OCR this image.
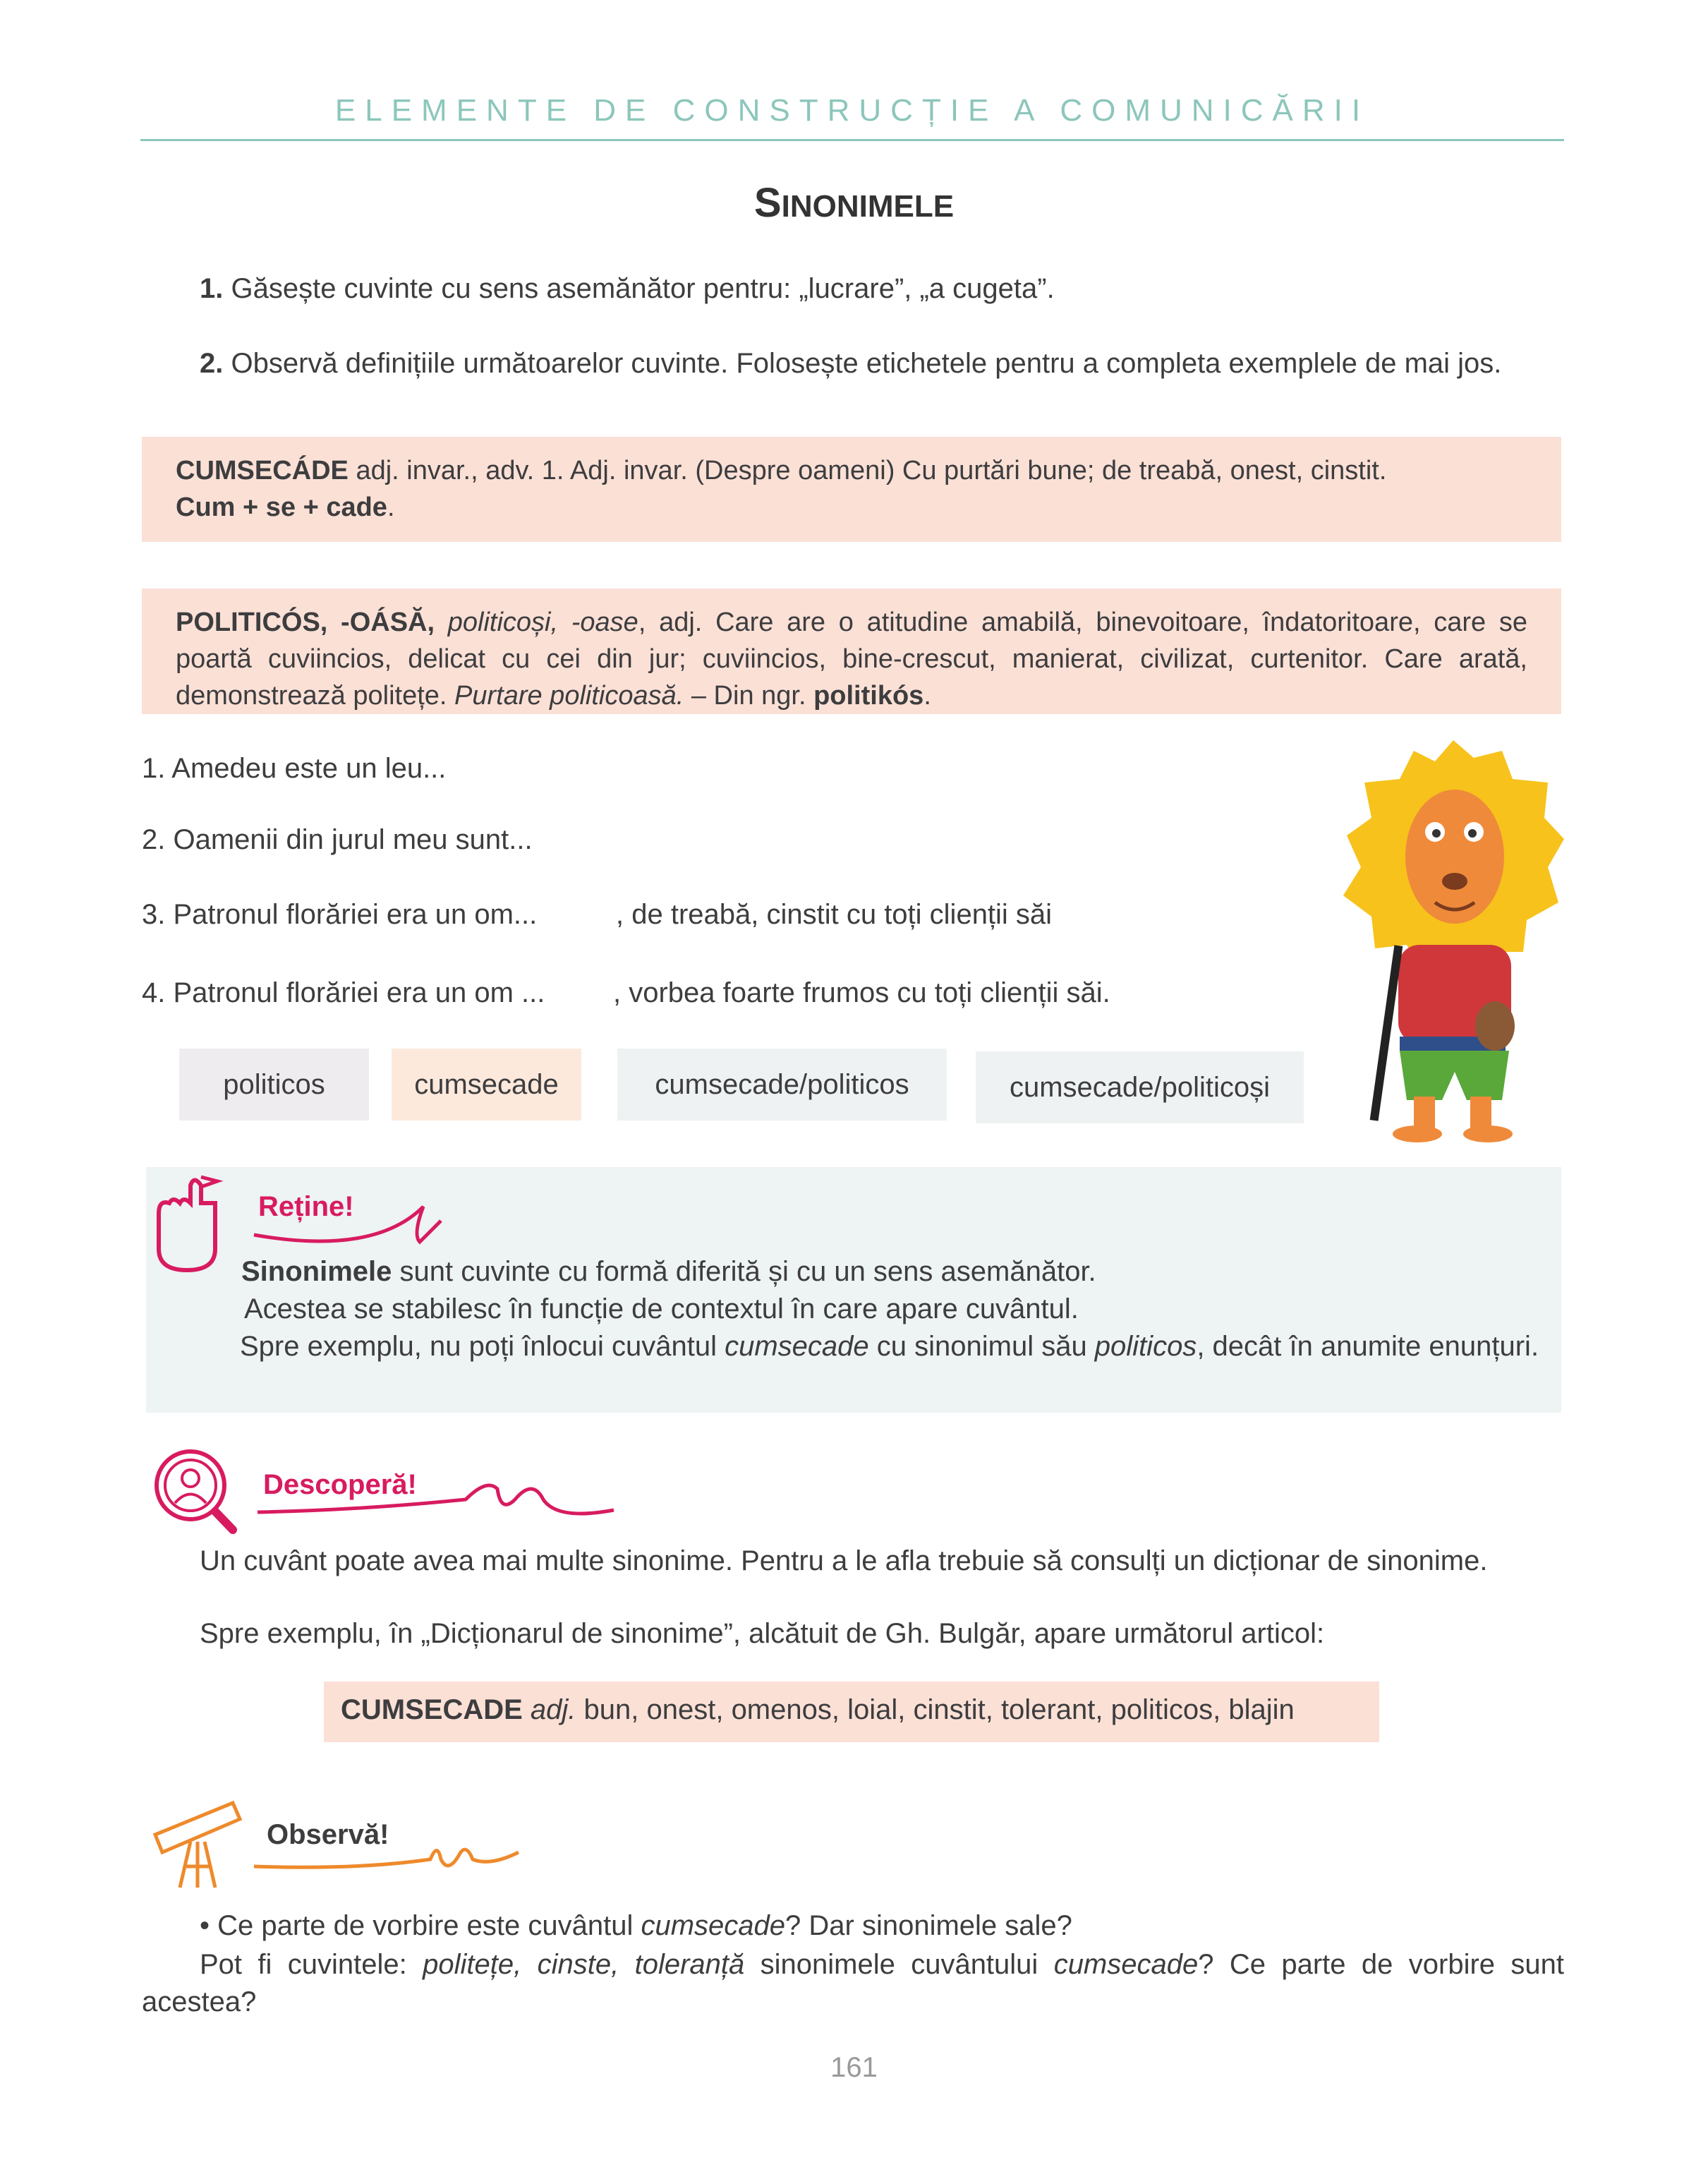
ELEMENTE DE CONSTRUCȚIE A COMUNICĂRII
SINONIMELE
1. Găsește cuvinte cu sens asemănător pentru: „lucrare”, „a cugeta”.
2. Observă definițiile următoarelor cuvinte. Folosește etichetele pentru a completa exemplele de mai jos.
CUMSECÁDE adj. invar., adv. 1. Adj. invar. (Despre oameni) Cu purtări bune; de treabă, onest, cinstit.
Cum + se + cade.
POLITICÓS, -OÁSĂ, politicoși, -oase, adj. Care are o atitudine amabilă, binevoitoare, îndatoritoare, care se poartă cuviincios, delicat cu cei din jur; cuviincios, bine-crescut, manierat, civilizat, curtenitor. Care arată, demonstrează politețe. Purtare politicoasă. – Din ngr. politikós.
1. Amedeu este un leu...
2. Oamenii din jurul meu sunt...
3. Patronul florăriei era un om...	, de treabă, cinstit cu toți clienții săi
4. Patronul florăriei era un om ... , vorbea foarte frumos cu toți clienții săi.
politicos	cumsecade	cumsecade/politicos	cumsecade/politicoși
Reține!
Sinonimele sunt cuvinte cu formă diferită și cu un sens asemănător.
Acestea se stabilesc în funcție de contextul în care apare cuvântul.
Spre exemplu, nu poți înlocui cuvântul cumsecade cu sinonimul său politicos, decât în anumite enunțuri.
Descoperă!
Un cuvânt poate avea mai multe sinonime. Pentru a le afla trebuie să consulți un dicționar de sinonime.
Spre exemplu, în „Dicționarul de sinonime”, alcătuit de Gh. Bulgăr, apare următorul articol:
CUMSECADE adj. bun, onest, omenos, loial, cinstit, tolerant, politicos, blajin
Observă!
• Ce parte de vorbire este cuvântul cumsecade? Dar sinonimele sale?
Pot fi cuvintele: politețe, cinste, toleranță sinonimele cuvântului cumsecade? Ce parte de vorbire sunt acestea?
161
